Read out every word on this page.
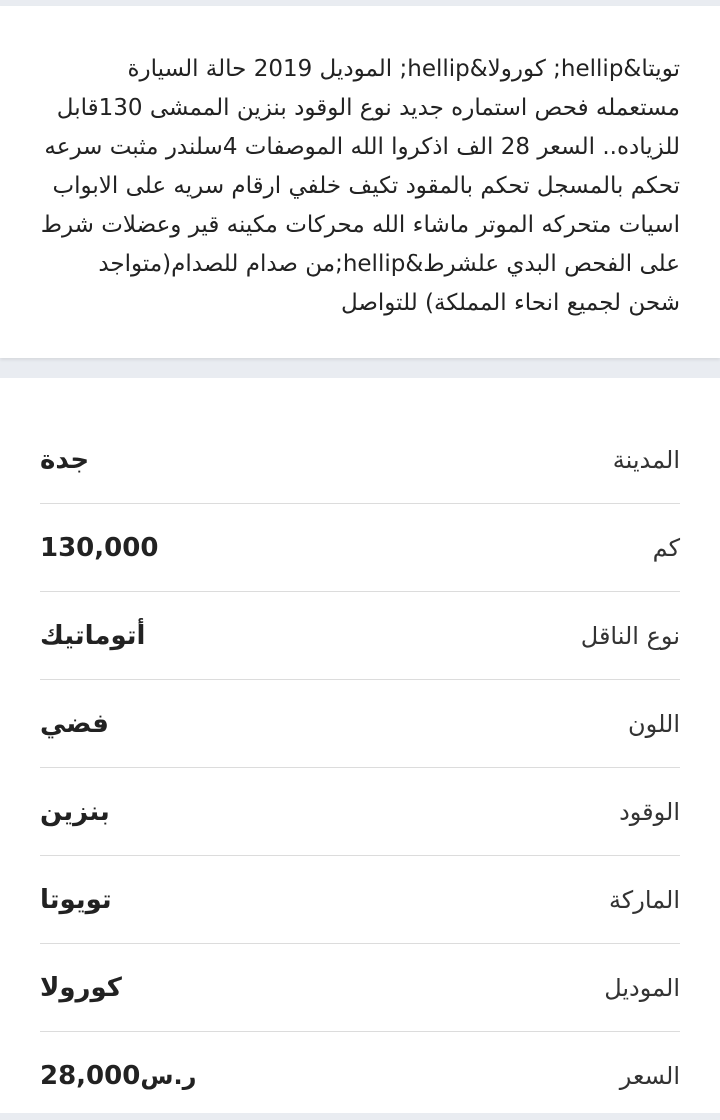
تويتا&hellip; كورولا&hellip; الموديل 2019 حالة السيارة مستعمله فحص استماره جديد نوع الوقود بنزين الممشى 130قابل للزياده.. السعر 28 الف اذكروا الله الموصفات 4سلندر مثبت سرعه تحكم بالمسجل تحكم بالمقود تكيف خلفي ارقام سريه على الابواب اسيات متحركه الموتر ماشاء الله محركات مكينه قير وعضلات شرط على الفحص البدي علشرط&hellip;من صدام للصدام(متواجد شحن لجميع انحاء المملكة) للتواصل

المدينة
جدة
كم
130,000
نوع الناقل
أتوماتيك
اللون
فضي
الوقود
بنزين
الماركة
تويوتا
الموديل
كورولا
السعر
ر.س28,000
